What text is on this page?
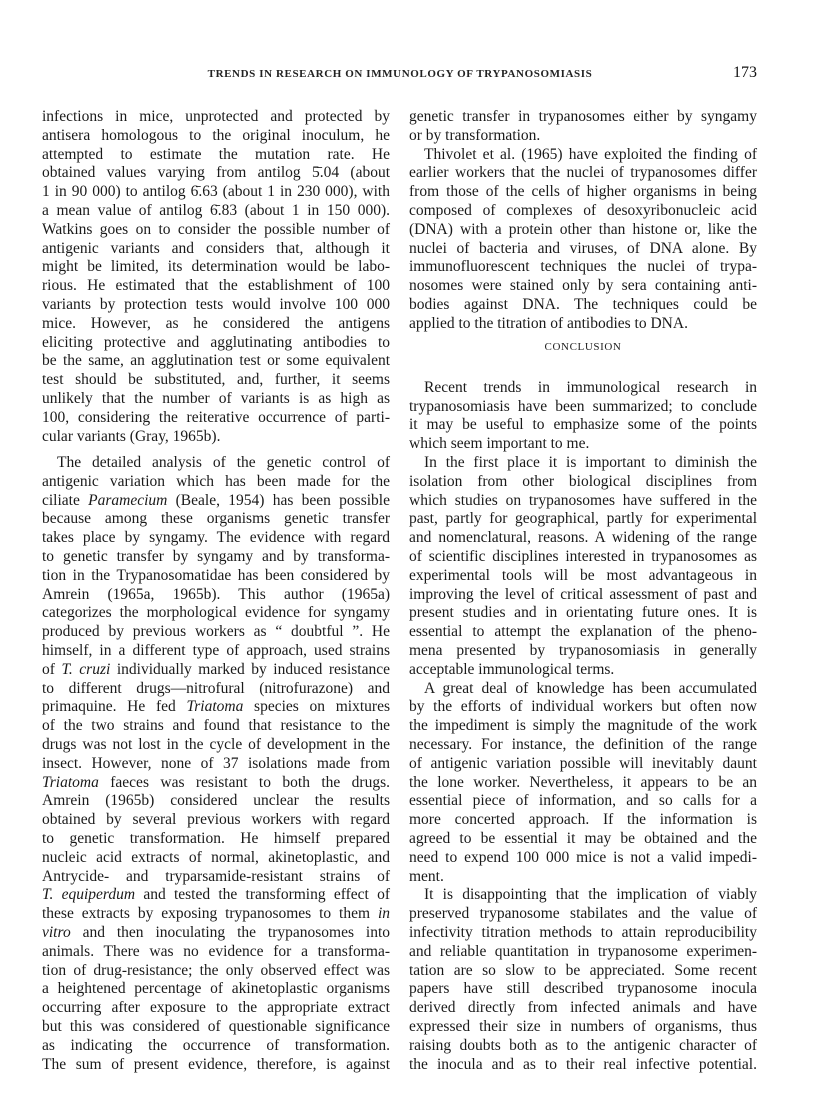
TRENDS IN RESEARCH ON IMMUNOLOGY OF TRYPANOSOMIASIS	173
CONCLUSION
infections in mice, unprotected and protected by
antisera homologous to the original inoculum, he
attempted to estimate the mutation rate. He
obtained values varying from antilog 5̄.04 (about
1 in 90 000) to antilog 6̄.63 (about 1 in 230 000), with
a mean value of antilog 6̄.83 (about 1 in 150 000).
Watkins goes on to consider the possible number of
antigenic variants and considers that, although it
might be limited, its determination would be labo-
rious. He estimated that the establishment of 100
variants by protection tests would involve 100 000
mice. However, as he considered the antigens
eliciting protective and agglutinating antibodies to
be the same, an agglutination test or some equivalent
test should be substituted, and, further, it seems
unlikely that the number of variants is as high as
100, considering the reiterative occurrence of parti-
cular variants (Gray, 1965b).
The detailed analysis of the genetic control of
antigenic variation which has been made for the
ciliate Paramecium (Beale, 1954) has been possible
because among these organisms genetic transfer
takes place by syngamy. The evidence with regard
to genetic transfer by syngamy and by transforma-
tion in the Trypanosomatidae has been considered by
Amrein (1965a, 1965b). This author (1965a)
categorizes the morphological evidence for syngamy
produced by previous workers as “ doubtful ”. He
himself, in a different type of approach, used strains
of T. cruzi individually marked by induced resistance
to different drugs—nitrofural (nitrofurazone) and
primaquine. He fed Triatoma species on mixtures
of the two strains and found that resistance to the
drugs was not lost in the cycle of development in the
insect. However, none of 37 isolations made from
Triatoma faeces was resistant to both the drugs.
Amrein (1965b) considered unclear the results
obtained by several previous workers with regard
to genetic transformation. He himself prepared
nucleic acid extracts of normal, akinetoplastic, and
Antrycide- and tryparsamide-resistant strains of
T. equiperdum and tested the transforming effect of
these extracts by exposing trypanosomes to them in
vitro and then inoculating the trypanosomes into
animals. There was no evidence for a transforma-
tion of drug-resistance; the only observed effect was
a heightened percentage of akinetoplastic organisms
occurring after exposure to the appropriate extract
but this was considered of questionable significance
as indicating the occurrence of transformation.
The sum of present evidence, therefore, is against
genetic transfer in trypanosomes either by syngamy
or by transformation.
Thivolet et al. (1965) have exploited the finding of
earlier workers that the nuclei of trypanosomes differ
from those of the cells of higher organisms in being
composed of complexes of desoxyribonucleic acid
(DNA) with a protein other than histone or, like the
nuclei of bacteria and viruses, of DNA alone. By
immunofluorescent techniques the nuclei of trypa-
nosomes were stained only by sera containing anti-
bodies against DNA. The techniques could be
applied to the titration of antibodies to DNA.
Recent trends in immunological research in
trypanosomiasis have been summarized; to conclude
it may be useful to emphasize some of the points
which seem important to me.
In the first place it is important to diminish the
isolation from other biological disciplines from
which studies on trypanosomes have suffered in the
past, partly for geographical, partly for experimental
and nomenclatural, reasons. A widening of the range
of scientific disciplines interested in trypanosomes as
experimental tools will be most advantageous in
improving the level of critical assessment of past and
present studies and in orientating future ones. It is
essential to attempt the explanation of the pheno-
mena presented by trypanosomiasis in generally
acceptable immunological terms.
A great deal of knowledge has been accumulated
by the efforts of individual workers but often now
the impediment is simply the magnitude of the work
necessary. For instance, the definition of the range
of antigenic variation possible will inevitably daunt
the lone worker. Nevertheless, it appears to be an
essential piece of information, and so calls for a
more concerted approach. If the information is
agreed to be essential it may be obtained and the
need to expend 100 000 mice is not a valid impedi-
ment.
It is disappointing that the implication of viably
preserved trypanosome stabilates and the value of
infectivity titration methods to attain reproducibility
and reliable quantitation in trypanosome experimen-
tation are so slow to be appreciated. Some recent
papers have still described trypanosome inocula
derived directly from infected animals and have
expressed their size in numbers of organisms, thus
raising doubts both as to the antigenic character of
the inocula and as to their real infective potential.
